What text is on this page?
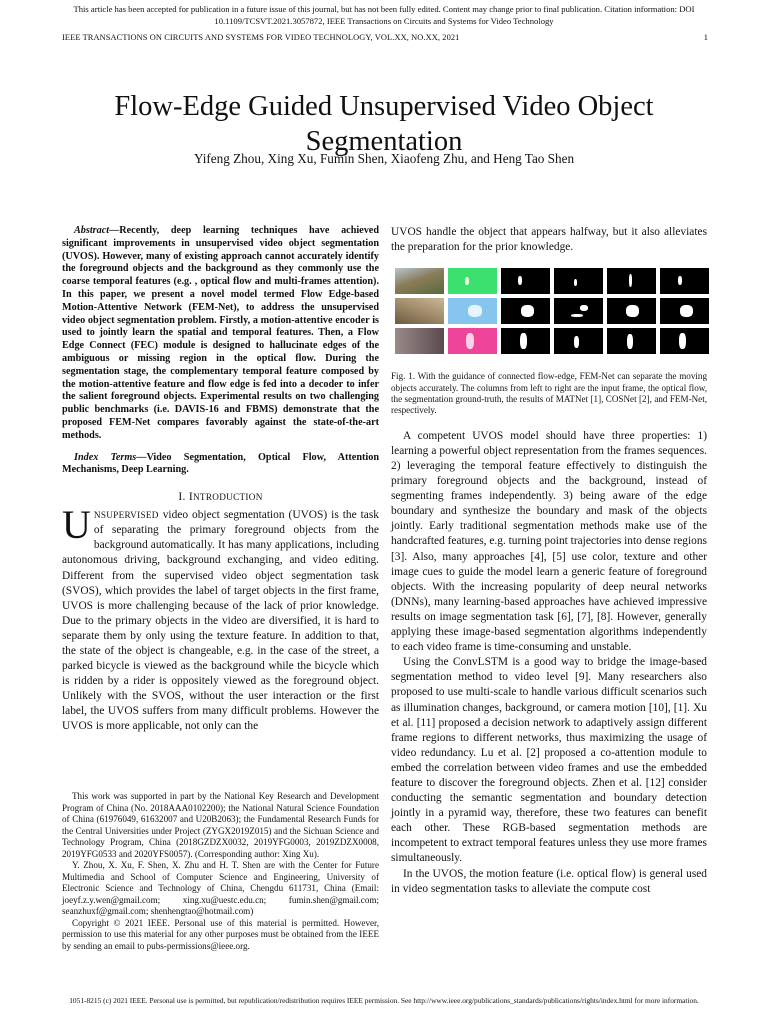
This article has been accepted for publication in a future issue of this journal, but has not been fully edited. Content may change prior to final publication. Citation information: DOI 10.1109/TCSVT.2021.3057872, IEEE Transactions on Circuits and Systems for Video Technology
IEEE TRANSACTIONS ON CIRCUITS AND SYSTEMS FOR VIDEO TECHNOLOGY, VOL.XX, NO.XX, 2021	1
Flow-Edge Guided Unsupervised Video Object Segmentation
Yifeng Zhou, Xing Xu, Fumin Shen, Xiaofeng Zhu, and Heng Tao Shen

Abstract—Recently, deep learning techniques have achieved significant improvements in unsupervised video object segmentation (UVOS). However, many of existing approach cannot accurately identify the foreground objects and the background as they commonly use the coarse temporal features (e.g. , optical flow and multi-frames attention). In this paper, we present a novel model termed Flow Edge-based Motion-Attentive Network (FEM-Net), to address the unsupervised video object segmentation problem. Firstly, a motion-attentive encoder is used to jointly learn the spatial and temporal features. Then, a Flow Edge Connect (FEC) module is designed to hallucinate edges of the ambiguous or missing region in the optical flow. During the segmentation stage, the complementary temporal feature composed by the motion-attentive feature and flow edge is fed into a decoder to infer the salient foreground objects. Experimental results on two challenging public benchmarks (i.e. DAVIS-16 and FBMS) demonstrate that the proposed FEM-Net compares favorably against the state-of-the-art methods.

Index Terms—Video Segmentation, Optical Flow, Attention Mechanisms, Deep Learning.

I. INTRODUCTION

UNSUPERVISED video object segmentation (UVOS) is the task of separating the primary foreground objects from the background automatically. It has many applications, including autonomous driving, background exchanging, and video editing. Different from the supervised video object segmentation task (SVOS), which provides the label of target objects in the first frame, UVOS is more challenging because of the lack of prior knowledge. Due to the primary objects in the video are diversified, it is hard to separate them by only using the texture feature. In addition to that, the state of the object is changeable, e.g. in the case of the street, a parked bicycle is viewed as the background while the bicycle which is ridden by a rider is oppositely viewed as the foreground object. Unlikely with the SVOS, without the user interaction or the first label, the UVOS suffers from many difficult problems. However the UVOS is more applicable, not only can the

This work was supported in part by the National Key Research and Development Program of China (No. 2018AAA0102200); the National Natural Science Foundation of China (61976049, 61632007 and U20B2063); the Fundamental Research Funds for the Central Universities under Project (ZYGX2019Z015) and the Sichuan Science and Technology Program, China (2018GZDZX0032, 2019YFG0003, 2019ZDZX0008, 2019YFG0533 and 2020YFS0057). (Corresponding author: Xing Xu).

Y. Zhou, X. Xu, F. Shen, X. Zhu and H. T. Shen are with the Center for Future Multimedia and School of Computer Science and Engineering, University of Electronic Science and Technology of China, Chengdu 611731, China (Email: joeyf.z.y.wen@gmail.com; xing.xu@uestc.edu.cn; fumin.shen@gmail.com; seanzhuxf@gmail.com; shenhengtao@hotmail.com)

Copyright © 2021 IEEE. Personal use of this material is permitted. However, permission to use this material for any other purposes must be obtained from the IEEE by sending an email to pubs-permissions@ieee.org.

UVOS handle the object that appears halfway, but it also alleviates the preparation for the prior knowledge.

Fig. 1. With the guidance of connected flow-edge, FEM-Net can separate the moving objects accurately. The columns from left to right are the input frame, the optical flow, the segmentation ground-truth, the results of MATNet [1], COSNet [2], and FEM-Net, respectively.

A competent UVOS model should have three properties: 1) learning a powerful object representation from the frames sequences. 2) leveraging the temporal feature effectively to distinguish the primary foreground objects and the background, instead of segmenting frames independently. 3) being aware of the edge boundary and synthesize the boundary and mask of the objects jointly. Early traditional segmentation methods make use of the handcrafted features, e.g. turning point trajectories into dense regions [3]. Also, many approaches [4], [5] use color, texture and other image cues to guide the model learn a generic feature of foreground objects. With the increasing popularity of deep neural networks (DNNs), many learning-based approaches have achieved impressive results on image segmentation task [6], [7], [8]. However, generally applying these image-based segmentation algorithms independently to each video frame is time-consuming and unstable.

Using the ConvLSTM is a good way to bridge the image-based segmentation method to video level [9]. Many researchers also proposed to use multi-scale to handle various difficult scenarios such as illumination changes, background, or camera motion [10], [1]. Xu et al. [11] proposed a decision network to adaptively assign different frame regions to different networks, thus maximizing the usage of video redundancy. Lu et al. [2] proposed a co-attention module to embed the correlation between video frames and use the embedded feature to discover the foreground objects. Zhen et al. [12] consider conducting the semantic segmentation and boundary detection jointly in a pyramid way, therefore, these two features can benefit each other. These RGB-based segmentation methods are incompetent to extract temporal features unless they use more frames simultaneously.

In the UVOS, the motion feature (i.e. optical flow) is general used in video segmentation tasks to alleviate the compute cost

1051-8215 (c) 2021 IEEE. Personal use is permitted, but republication/redistribution requires IEEE permission. See http://www.ieee.org/publications_standards/publications/rights/index.html for more information.
